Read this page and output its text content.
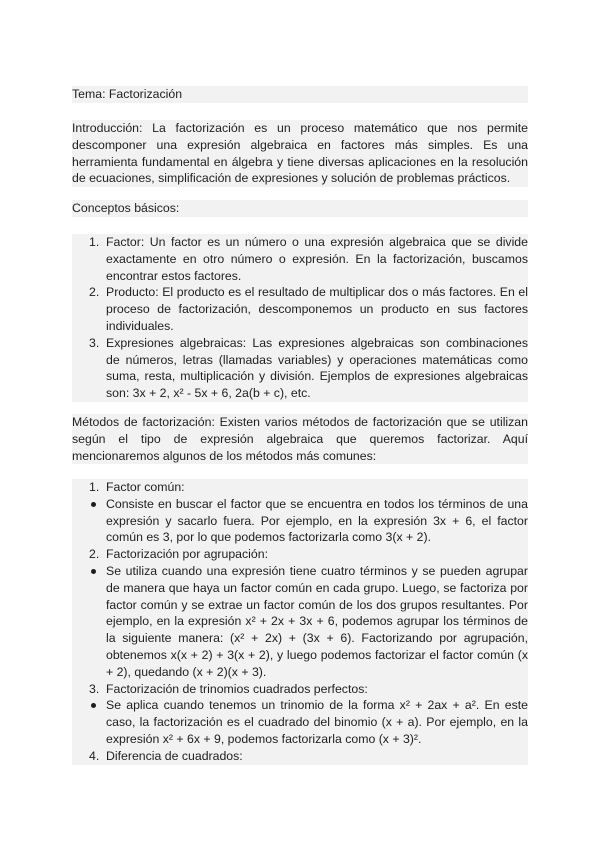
Tema: Factorización
Introducción: La factorización es un proceso matemático que nos permite descomponer una expresión algebraica en factores más simples. Es una herramienta fundamental en álgebra y tiene diversas aplicaciones en la resolución de ecuaciones, simplificación de expresiones y solución de problemas prácticos.
Conceptos básicos:
1. Factor: Un factor es un número o una expresión algebraica que se divide exactamente en otro número o expresión. En la factorización, buscamos encontrar estos factores.
2. Producto: El producto es el resultado de multiplicar dos o más factores. En el proceso de factorización, descomponemos un producto en sus factores individuales.
3. Expresiones algebraicas: Las expresiones algebraicas son combinaciones de números, letras (llamadas variables) y operaciones matemáticas como suma, resta, multiplicación y división. Ejemplos de expresiones algebraicas son: 3x + 2, x² - 5x + 6, 2a(b + c), etc.
Métodos de factorización: Existen varios métodos de factorización que se utilizan según el tipo de expresión algebraica que queremos factorizar. Aquí mencionaremos algunos de los métodos más comunes:
1. Factor común:
Consiste en buscar el factor que se encuentra en todos los términos de una expresión y sacarlo fuera. Por ejemplo, en la expresión 3x + 6, el factor común es 3, por lo que podemos factorizarla como 3(x + 2).
2. Factorización por agrupación:
Se utiliza cuando una expresión tiene cuatro términos y se pueden agrupar de manera que haya un factor común en cada grupo. Luego, se factoriza por factor común y se extrae un factor común de los dos grupos resultantes. Por ejemplo, en la expresión x² + 2x + 3x + 6, podemos agrupar los términos de la siguiente manera: (x² + 2x) + (3x + 6). Factorizando por agrupación, obtenemos x(x + 2) + 3(x + 2), y luego podemos factorizar el factor común (x + 2), quedando (x + 2)(x + 3).
3. Factorización de trinomios cuadrados perfectos:
Se aplica cuando tenemos un trinomio de la forma x² + 2ax + a². En este caso, la factorización es el cuadrado del binomio (x + a). Por ejemplo, en la expresión x² + 6x + 9, podemos factorizarla como (x + 3)².
4. Diferencia de cuadrados:
